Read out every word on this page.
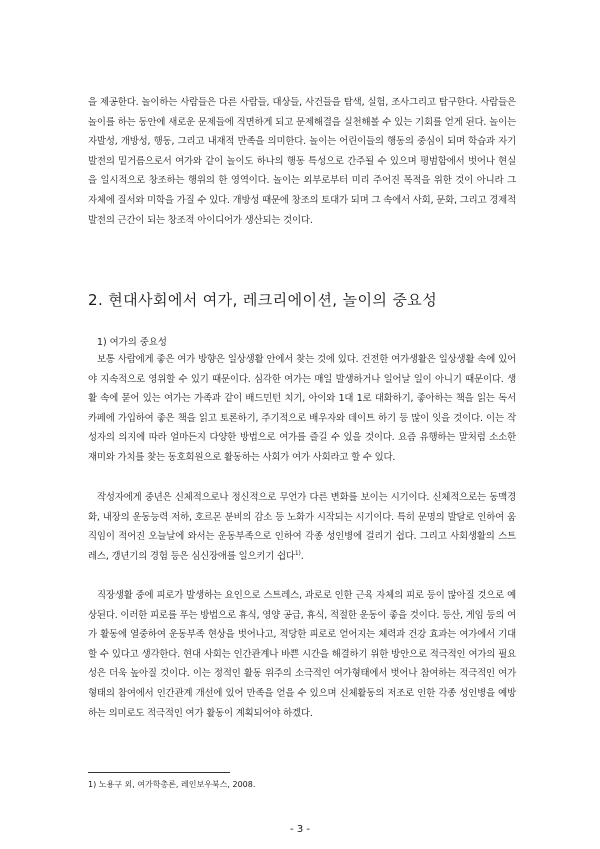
을 제공한다. 놀이하는 사람들은 다른 사람들, 대상들, 사건들을 탐색, 실험, 조사그리고 탐구한다. 사람들은 놀이를 하는 동안에 새로운 문제들에 직면하게 되고 문제해결을 실천해볼 수 있는 기회를 얻게 된다. 놀이는 자발성, 개방성, 행동, 그리고 내재적 만족을 의미한다. 놀이는 어린이들의 행동의 중심이 되며 학습과 자기발전의 밑거름으로서 여가와 같이 놀이도 하나의 행동 특성으로 간주될 수 있으며 평범함에서 벗어나 현실을 일시적으로 창조하는 행위의 한 영역이다. 놀이는 외부로부터 미리 주어진 목적을 위한 것이 아니라 그 자체에 질서와 미학을 가질 수 있다. 개방성 때문에 창조의 토대가 되며 그 속에서 사회, 문화, 그리고 경제적 발전의 근간이 되는 창조적 아이디어가 생산되는 것이다.

2. 현대사회에서 여가, 레크리에이션, 놀이의 중요성

1) 여가의 중요성

보통 사람에게 좋은 여가 방향은 일상생활 안에서 찾는 것에 있다. 건전한 여가생활은 일상생활 속에 있어야 지속적으로 영위할 수 있기 때문이다. 심각한 여가는 매일 발생하거나 일어날 일이 아니기 때문이다. 생활 속에 묻어 있는 여가는 가족과 같이 배드민턴 치기, 아이와 1대 1로 대화하기, 좋아하는 책을 읽는 독서 카페에 가입하여 좋은 책을 읽고 토론하기, 주기적으로 배우자와 데이트 하기 등 많이 잇을 것이다. 이는 작성자의 의지에 따라 얼마든지 다양한 방법으로 여가를 즐길 수 있을 것이다. 요즘 유행하는 말처럼 소소한 재미와 가치를 찾는 동호회원으로 활동하는 사회가 여가 사회라고 할 수 있다.

작성자에게 중년은 신체적으로나 정신적으로 무언가 다른 변화를 보이는 시기이다. 신체적으로는 동맥경화, 내장의 운동능력 저하, 호르몬 분비의 감소 등 노화가 시작되는 시기이다. 특히 문명의 발달로 인하여 움직임이 적어진 오늘날에 와서는 운동부족으로 인하여 각종 성인병에 걸리기 쉽다. 그리고 사회생활의 스트레스, 갱년기의 경험 등은 심신장애를 일으키기 쉽다$^{1)}$.

직장생활 중에 피로가 발생하는 요인으로 스트레스, 과로로 인한 근육 자체의 피로 등이 많아질 것으로 예상된다. 이러한 피로를 푸는 방법으로 휴식, 영양 공급, 휴식, 적절한 운동이 좋을 것이다. 등산, 게임 등의 여가 활동에 열중하여 운동부족 현상을 벗어나고, 적당한 피로로 얻어지는 체력과 건강 효과는 여가에서 기대할 수 있다고 생각한다. 현대 사회는 인간관계나 바쁜 시간을 해결하기 위한 방안으로 적극적인 여가의 필요성은 더욱 높아질 것이다. 이는 정적인 활동 위주의 소극적인 여가형태에서 벗어나 참여하는 적극적인 여가형태의 참여에서 인간관계 개선에 있어 만족을 얻을 수 있으며 신체활동의 저조로 인한 각종 성인병을 예방하는 의미로도 적극적인 여가 활동이 계획되어야 하겠다.

1) 노용구 외, 여가학총론, 레인보우북스, 2008.
- 3 -
